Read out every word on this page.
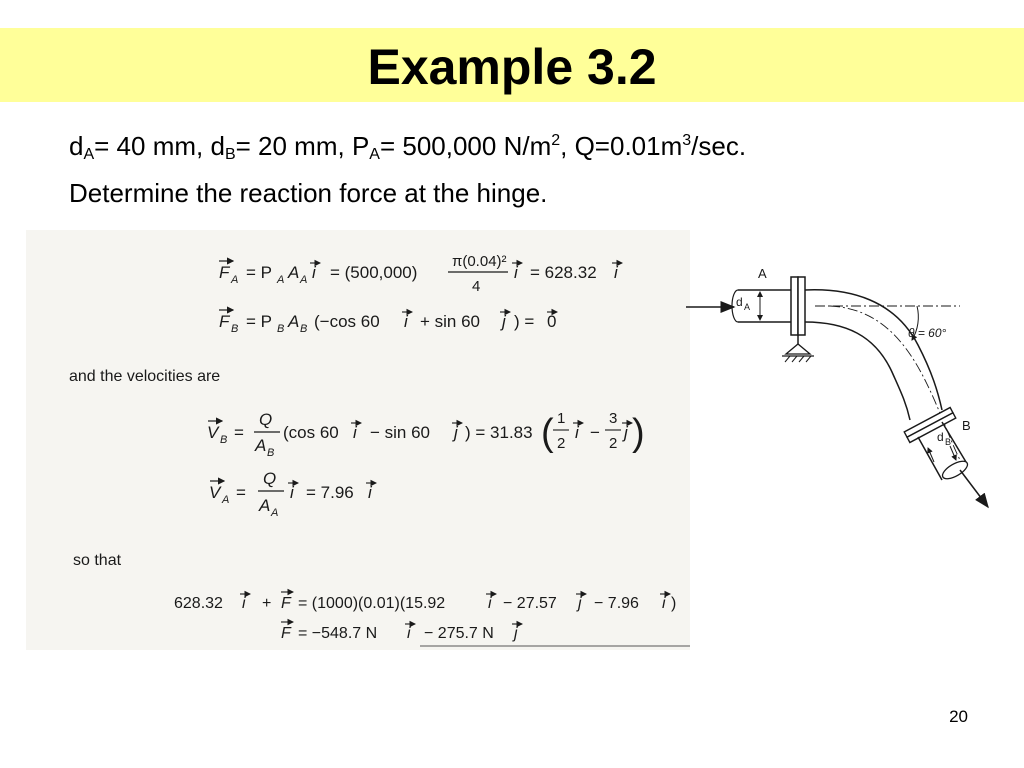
Example 3.2
$d_A= 40$ mm, $d_B= 20$ mm, $P_A= 500,000$ $N/m^2$, $Q=0.01m^3/\sec$.
Determine the reaction force at the hinge.
F A = P A A A i = (500,000)
π(0.04)²
4
i = 628.32 i
F B = P B A B (−cos 60 i + sin 60 j ) = 0
and the velocities are
V B =
Q
A B
(cos 60 i − sin 60 j ) = 31.83 ( 1
2
i −
3
2
j )
V A =
Q
A A
i = 7.96 i
so that
628.32 i + F = (1000)(0.01)(15.92	i − 27.57 j − 7.96 i )
F = −548.7 N i − 275.7 N j
A
d A
B
d B
θ = 60°
20
